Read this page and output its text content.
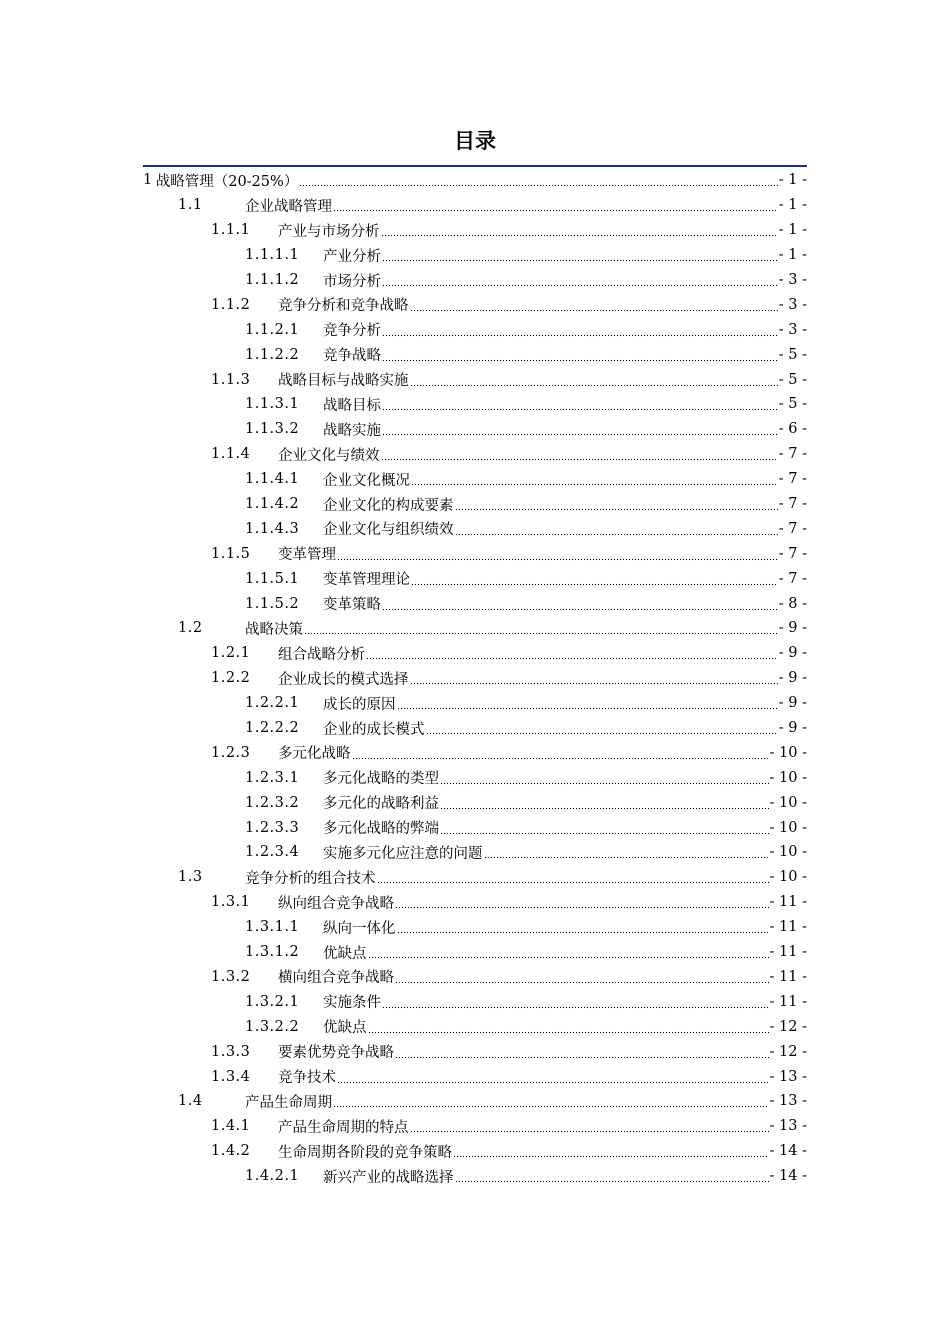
目录
1 战略管理（20-25%）	- 1 -
1.1	企业战略管理	- 1 -
1.1.1	产业与市场分析	- 1 -
1.1.1.1	产业分析	- 1 -
1.1.1.2	市场分析	- 3 -
1.1.2	竞争分析和竞争战略	- 3 -
1.1.2.1	竞争分析	- 3 -
1.1.2.2	竞争战略	- 5 -
1.1.3	战略目标与战略实施	- 5 -
1.1.3.1	战略目标	- 5 -
1.1.3.2	战略实施	- 6 -
1.1.4	企业文化与绩效	- 7 -
1.1.4.1	企业文化概况	- 7 -
1.1.4.2	企业文化的构成要素	- 7 -
1.1.4.3	企业文化与组织绩效	- 7 -
1.1.5	变革管理	- 7 -
1.1.5.1	变革管理理论	- 7 -
1.1.5.2	变革策略	- 8 -
1.2	战略决策	- 9 -
1.2.1	组合战略分析	- 9 -
1.2.2	企业成长的模式选择	- 9 -
1.2.2.1	成长的原因	- 9 -
1.2.2.2	企业的成长模式	- 9 -
1.2.3	多元化战略	- 10 -
1.2.3.1	多元化战略的类型	- 10 -
1.2.3.2	多元化的战略利益	- 10 -
1.2.3.3	多元化战略的弊端	- 10 -
1.2.3.4	实施多元化应注意的问题	- 10 -
1.3	竞争分析的组合技术	- 10 -
1.3.1	纵向组合竞争战略	- 11 -
1.3.1.1	纵向一体化	- 11 -
1.3.1.2	优缺点	- 11 -
1.3.2	横向组合竞争战略	- 11 -
1.3.2.1	实施条件	- 11 -
1.3.2.2	优缺点	- 12 -
1.3.3	要素优势竞争战略	- 12 -
1.3.4	竞争技术	- 13 -
1.4	产品生命周期	- 13 -
1.4.1	产品生命周期的特点	- 13 -
1.4.2	生命周期各阶段的竞争策略	- 14 -
1.4.2.1	新兴产业的战略选择	- 14 -
